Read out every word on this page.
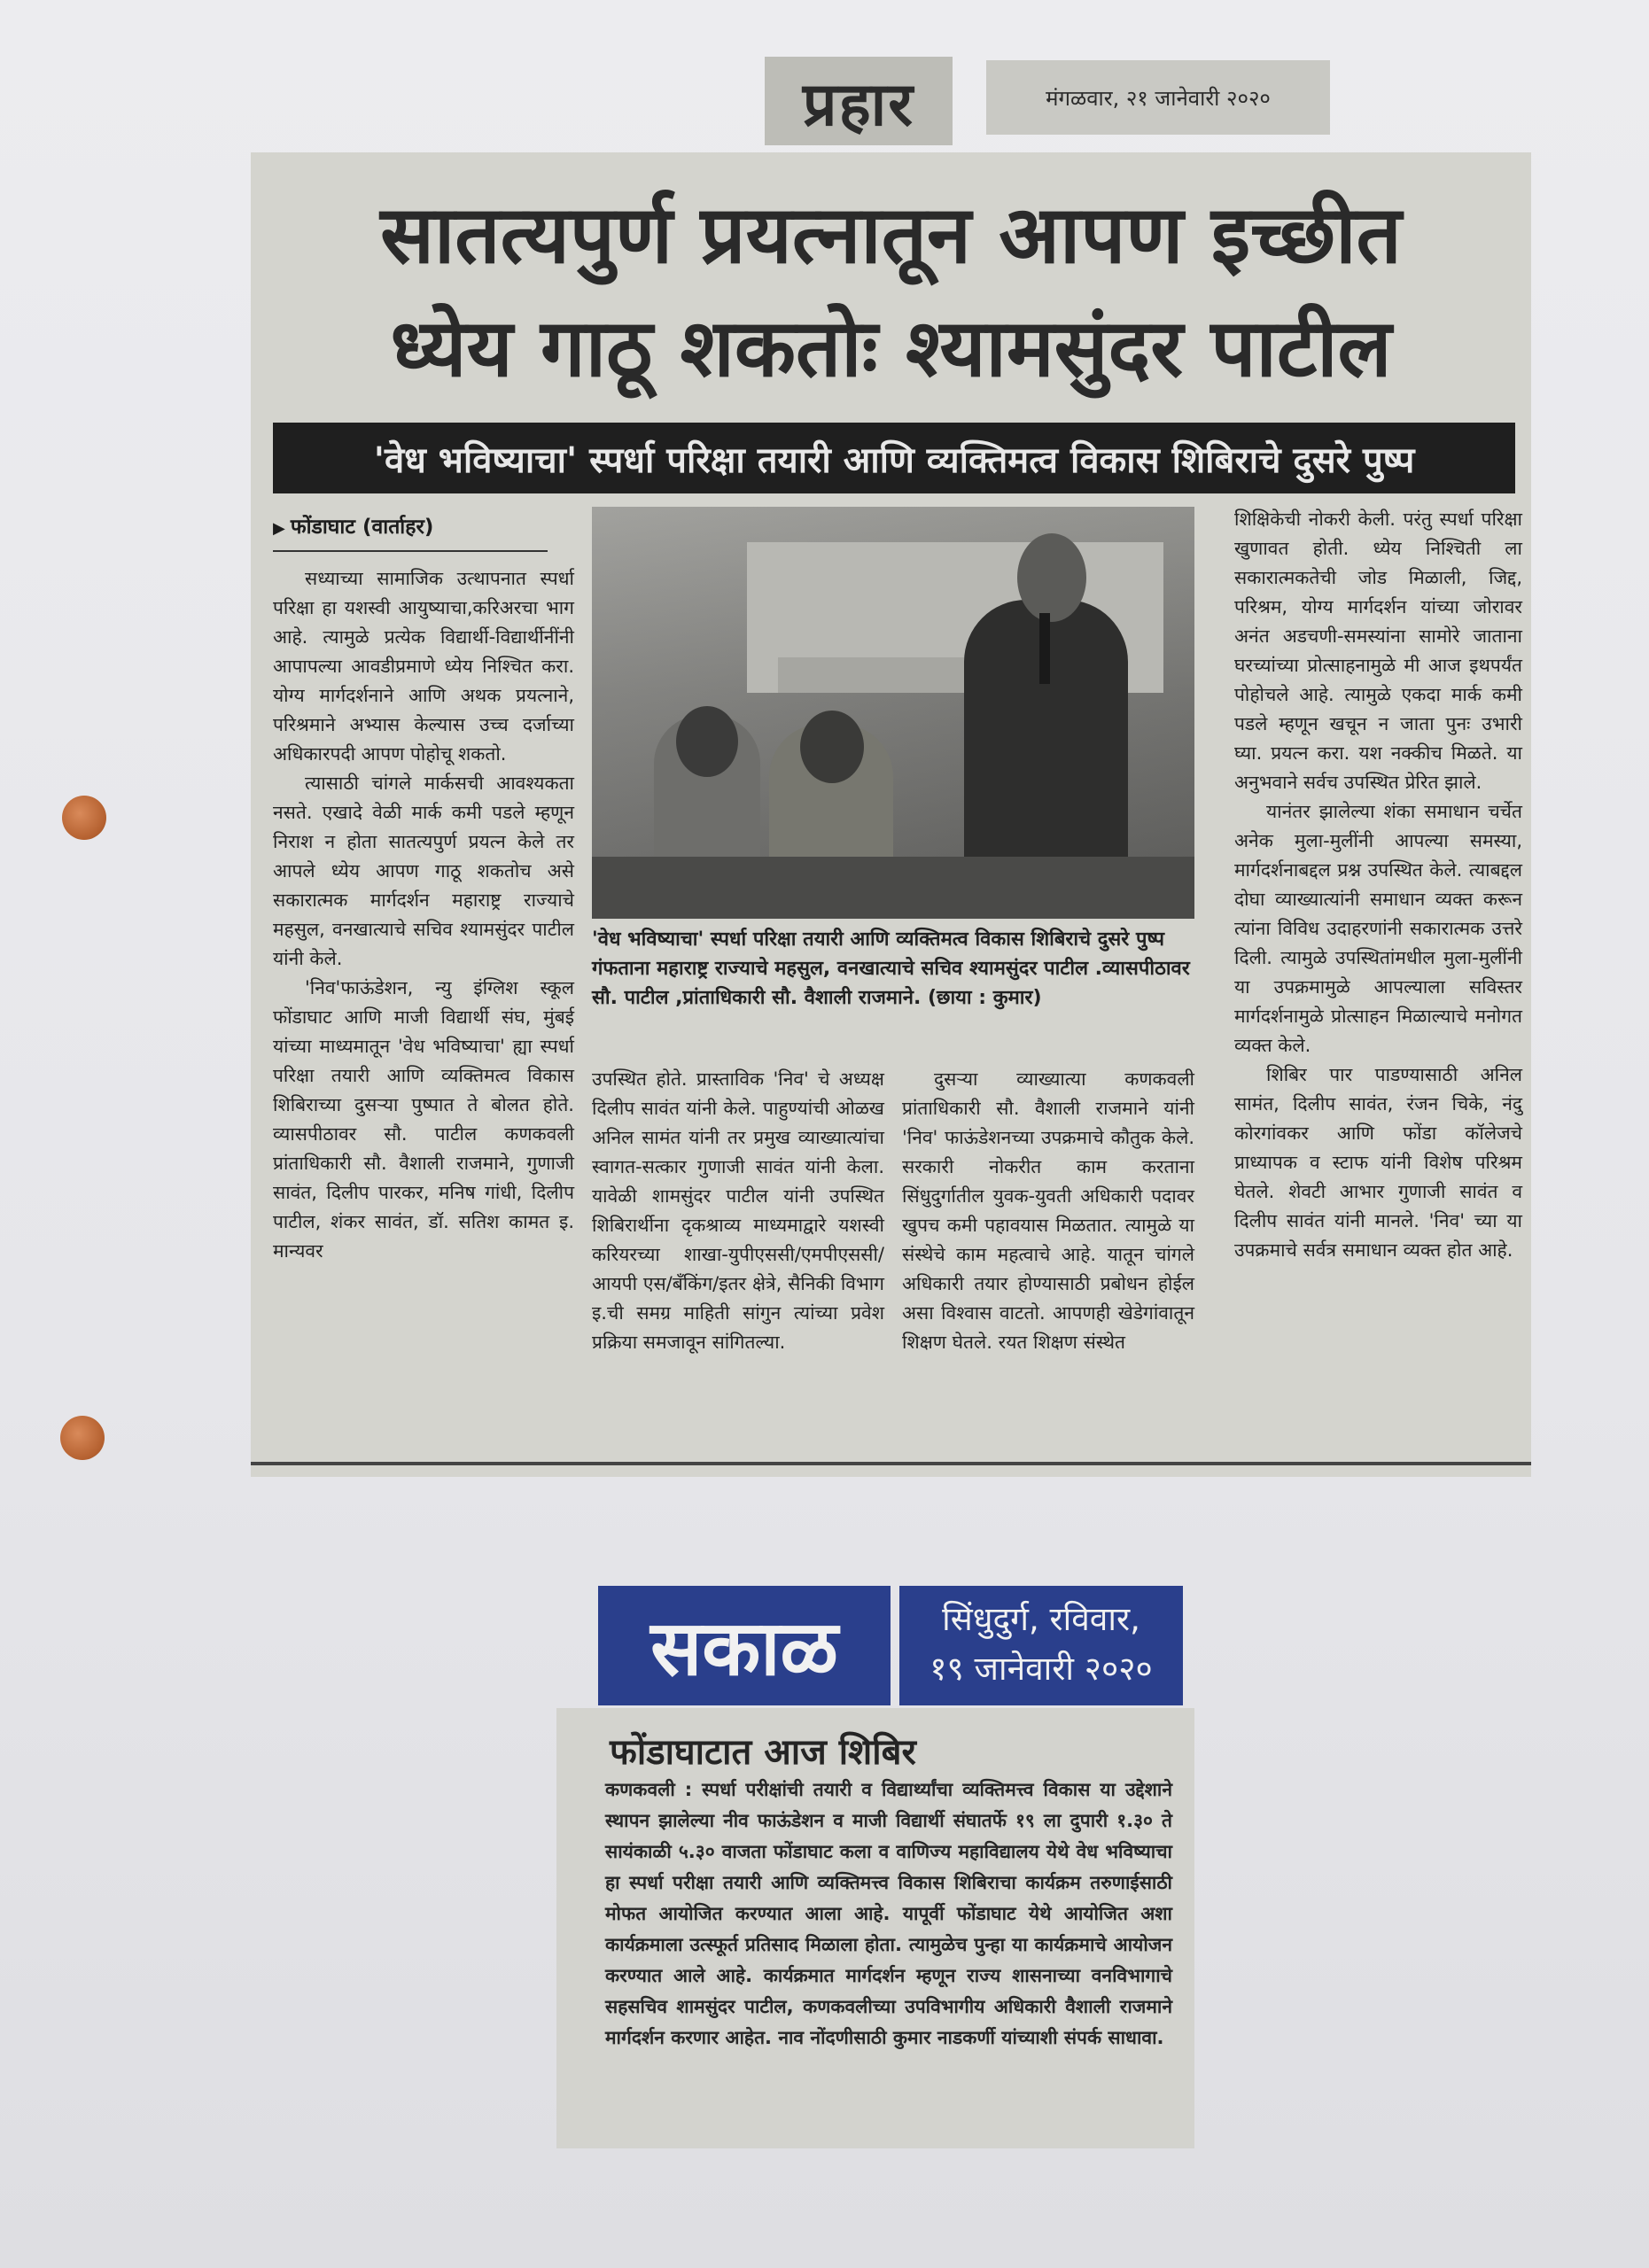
प्रहार	मंगळवार, २१ जानेवारी २०२०
सातत्यपुर्ण प्रयत्नातून आपण इच्छीत
ध्येय गाठू शकतोः श्यामसुंदर पाटील
'वेध भविष्याचा' स्पर्धा परिक्षा तयारी आणि व्यक्तिमत्व विकास शिबिराचे दुसरे पुष्प
▶ फोंडाघाट (वार्ताहर)

सध्याच्या सामाजिक उत्थापनात स्पर्धा परिक्षा हा यशस्वी आयुष्याचा,करिअरचा भाग आहे. त्यामुळे प्रत्येक विद्यार्थी-विद्यार्थीनींनी आपापल्या आवडीप्रमाणे ध्येय निश्चित करा. योग्य मार्गदर्शनाने आणि अथक प्रयत्नाने, परिश्रमाने अभ्यास केल्यास उच्च दर्जाच्या अधिकारपदी आपण पोहोचू शकतो.

त्यासाठी चांगले मार्कसची आवश्यकता नसते. एखादे वेळी मार्क कमी पडले म्हणून निराश न होता सातत्यपुर्ण प्रयत्न केले तर आपले ध्येय आपण गाठू शकतोच असे सकारात्मक मार्गदर्शन महाराष्ट्र राज्याचे महसुल, वनखात्याचे सचिव श्यामसुंदर पाटील यांनी केले.

'निव'फाऊंडेशन, न्यु इंग्लिश स्कूल फोंडाघाट आणि माजी विद्यार्थी संघ, मुंबई यांच्या माध्यमातून 'वेध भविष्याचा' ह्या स्पर्धा परिक्षा तयारी आणि व्यक्तिमत्व विकास शिबिराच्या दुसऱ्या पुष्पात ते बोलत होते. व्यासपीठावर सौ. पाटील कणकवली प्रांताधिकारी सौ. वैशाली राजमाने, गुणाजी सावंत, दिलीप पारकर, मनिष गांधी, दिलीप पाटील, शंकर सावंत, डॉ. सतिश कामत इ. मान्यवर

'वेध भविष्याचा' स्पर्धा परिक्षा तयारी आणि व्यक्तिमत्व विकास शिबिराचे दुसरे पुष्प गंफताना महाराष्ट्र राज्याचे महसुल, वनखात्याचे सचिव श्यामसुंदर पाटील .व्यासपीठावर सौ. पाटील ,प्रांताधिकारी सौ. वैशाली राजमाने. (छाया : कुमार)

उपस्थित होते. प्रास्ताविक 'निव' चे अध्यक्ष दिलीप सावंत यांनी केले. पाहुण्यांची ओळख अनिल सामंत यांनी तर प्रमुख व्याख्यात्यांचा स्वागत-सत्कार गुणाजी सावंत यांनी केला. यावेळी शामसुंदर पाटील यांनी उपस्थित शिबिरार्थीना दृकश्राव्य माध्यमाद्वारे यशस्वी करियरच्या शाखा-युपीएससी/एमपीएससी/आयपी एस/बँकिंग/इतर क्षेत्रे, सैनिकी विभाग इ.ची समग्र माहिती सांगुन त्यांच्या प्रवेश प्रक्रिया समजावून सांगितल्या.

दुसऱ्या व्याख्यात्या कणकवली प्रांताधिकारी सौ. वैशाली राजमाने यांनी 'निव' फाऊंडेशनच्या उपक्रमाचे कौतुक केले. सरकारी नोकरीत काम करताना सिंधुदुर्गातील युवक-युवती अधिकारी पदावर खुपच कमी पहावयास मिळतात. त्यामुळे या संस्थेचे काम महत्वाचे आहे. यातून चांगले अधिकारी तयार होण्यासाठी प्रबोधन होईल असा विश्वास वाटतो. आपणही खेडेगांवातून शिक्षण घेतले. रयत शिक्षण संस्थेत

शिक्षिकेची नोकरी केली. परंतु स्पर्धा परिक्षा खुणावत होती. ध्येय निश्चिती ला सकारात्मकतेची जोड मिळाली, जिद्द, परिश्रम, योग्य मार्गदर्शन यांच्या जोरावर अनंत अडचणी-समस्यांना सामोरे जाताना घरच्यांच्या प्रोत्साहनामुळे मी आज इथपर्यंत पोहोचले आहे. त्यामुळे एकदा मार्क कमी पडले म्हणून खचून न जाता पुनः उभारी घ्या. प्रयत्न करा. यश नक्कीच मिळते. या अनुभवाने सर्वच उपस्थित प्रेरित झाले.

यानंतर झालेल्या शंका समाधान चर्चेत अनेक मुला-मुलींनी आपल्या समस्या, मार्गदर्शनाबद्दल प्रश्न उपस्थित केले. त्याबद्दल दोघा व्याख्यात्यांनी समाधान व्यक्त करून त्यांना विविध उदाहरणांनी सकारात्मक उत्तरे दिली. त्यामुळे उपस्थितांमधील मुला-मुलींनी या उपक्रमामुळे आपल्याला सविस्तर मार्गदर्शनामुळे प्रोत्साहन मिळाल्याचे मनोगत व्यक्त केले.

शिबिर पार पाडण्यासाठी अनिल सामंत, दिलीप सावंत, रंजन चिके, नंदु कोरगांवकर आणि फोंडा कॉलेजचे प्राध्यापक व स्टाफ यांनी विशेष परिश्रम घेतले. शेवटी आभार गुणाजी सावंत व दिलीप सावंत यांनी मानले. 'निव' च्या या उपक्रमाचे सर्वत्र समाधान व्यक्त होत आहे.

सकाळ	सिंधुदुर्ग, रविवार,
१९ जानेवारी २०२०
फोंडाघाटात आज शिबिर
कणकवली : स्पर्धा परीक्षांची तयारी व विद्यार्थ्यांचा व्यक्तिमत्त्व विकास या उद्देशाने स्थापन झालेल्या नीव फाऊंडेशन व माजी विद्यार्थी संघातर्फे १९ ला दुपारी १.३० ते सायंकाळी ५.३० वाजता फोंडाघाट कला व वाणिज्य महाविद्यालय येथे वेध भविष्याचा हा स्पर्धा परीक्षा तयारी आणि व्यक्तिमत्त्व विकास शिबिराचा कार्यक्रम तरुणाईसाठी मोफत आयोजित करण्यात आला आहे. यापूर्वी फोंडाघाट येथे आयोजित अशा कार्यक्रमाला उत्स्फूर्त प्रतिसाद मिळाला होता. त्यामुळेच पुन्हा या कार्यक्रमाचे आयोजन करण्यात आले आहे. कार्यक्रमात मार्गदर्शन म्हणून राज्य शासनाच्या वनविभागाचे सहसचिव शामसुंदर पाटील, कणकवलीच्या उपविभागीय अधिकारी वैशाली राजमाने मार्गदर्शन करणार आहेत. नाव नोंदणीसाठी कुमार नाडकर्णी यांच्याशी संपर्क साधावा.
